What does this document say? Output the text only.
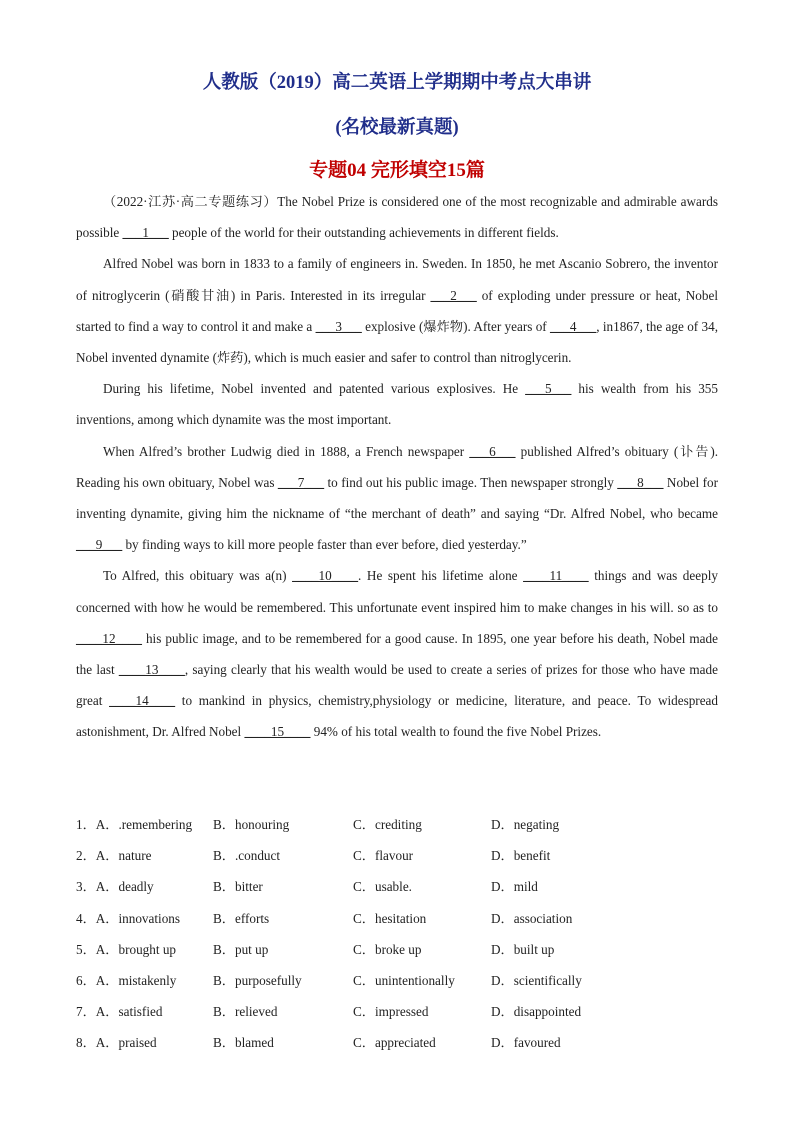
人教版（2019）高二英语上学期期中考点大串讲
(名校最新真题)
专题04 完形填空15篇

（2022·江苏·高二专题练习）The Nobel Prize is considered one of the most recognizable and admirable awards possible ___1___ people of the world for their outstanding achievements in different fields.

Alfred Nobel was born in 1833 to a family of engineers in. Sweden. In 1850, he met Ascanio Sobrero, the inventor of nitroglycerin (硝酸甘油) in Paris. Interested in its irregular ___2___ of exploding under pressure or heat, Nobel started to find a way to control it and make a ___3___ explosive (爆炸物). After years of ___4___, in1867, the age of 34, Nobel invented dynamite (炸药), which is much easier and safer to control than nitroglycerin.

During his lifetime, Nobel invented and patented various explosives. He ___5___ his wealth from his 355 inventions, among which dynamite was the most important.

When Alfred’s brother Ludwig died in 1888, a French newspaper ___6___ published Alfred’s obituary (讣告). Reading his own obituary, Nobel was ___7___ to find out his public image. Then newspaper strongly ___8___ Nobel for inventing dynamite, giving him the nickname of “the merchant of death” and saying “Dr. Alfred Nobel, who became ___9___ by finding ways to kill more people faster than ever before, died yesterday.”

To Alfred, this obituary was a(n) ____10____. He spent his lifetime alone ____11____ things and was deeply concerned with how he would be remembered. This unfortunate event inspired him to make changes in his will. so as to ____12____ his public image, and to be remembered for a good cause. In 1895, one year before his death, Nobel made the last ____13____, saying clearly that his wealth would be used to create a series of prizes for those who have made great ____14____ to mankind in physics, chemistry,physiology or medicine, literature, and peace. To widespread astonishment, Dr. Alfred Nobel ____15____ 94% of his total wealth to found the five Nobel Prizes.

1．A．.remembering B．honouring	C．crediting	D．negating
2．A．nature	B．.conduct	C．flavour	D．benefit
3．A．deadly	B．bitter	C．usable.	D．mild
4．A．innovations B．efforts	C．hesitation	D．association
5．A．brought up	B．put up	C．broke up	D．built up
6．A．mistakenly	B．purposefully	C．unintentionally	D．scientifically
7．A．satisfied	B．relieved	C．impressed	D．disappointed
8．A．praised	B．blamed	C．appreciated	D．favoured
